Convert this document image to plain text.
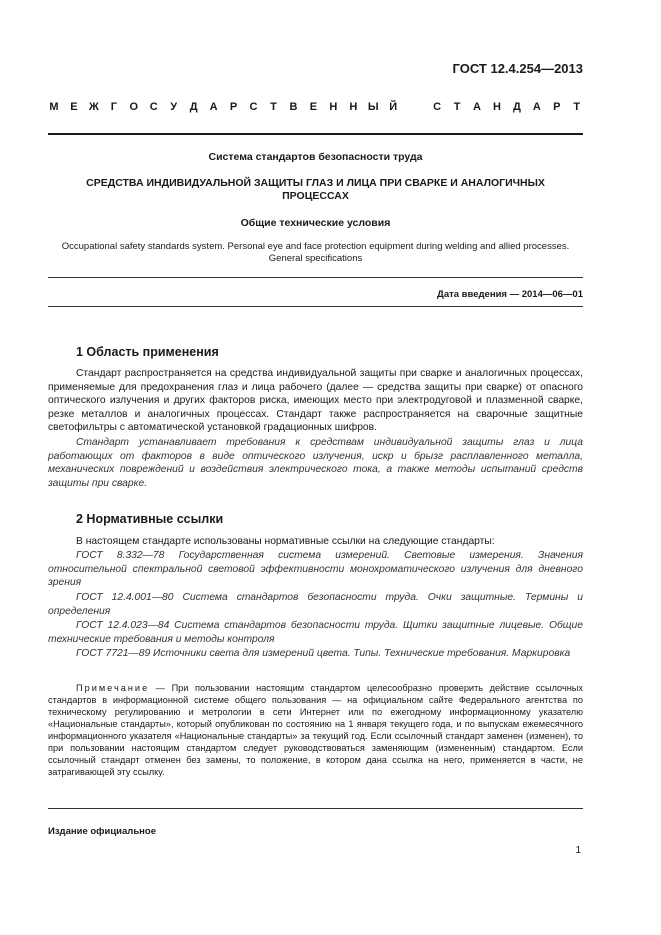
ГОСТ 12.4.254—2013
М Е Ж Г О С У Д А Р С Т В Е Н Н Ы Й	С Т А Н Д А Р Т
Система стандартов безопасности труда
СРЕДСТВА ИНДИВИДУАЛЬНОЙ ЗАЩИТЫ ГЛАЗ И ЛИЦА ПРИ СВАРКЕ И АНАЛОГИЧНЫХ ПРОЦЕССАХ
Общие технические условия
Occupational safety standards system. Personal eye and face protection equipment during welding and allied processes. General specifications
Дата введения — 2014—06—01
1 Область применения
Стандарт распространяется на средства индивидуальной защиты при сварке и аналогичных процессах, применяемые для предохранения глаз и лица рабочего (далее — средства защиты при сварке) от опасного оптического излучения и других факторов риска, имеющих место при электродуговой и плазменной сварке, резке металлов и аналогичных процессах. Стандарт также распространяется на сварочные защитные светофильтры с автоматической установкой градационных шифров.
Стандарт устанавливает требования к средствам индивидуальной защиты глаз и лица работающих от факторов в виде оптического излучения, искр и брызг расплавленного металла, механических повреждений и воздействия электрического тока, а также методы испытаний средств защиты при сварке.
2 Нормативные ссылки
В настоящем стандарте использованы нормативные ссылки на следующие стандарты:
ГОСТ 8.332—78 Государственная система измерений. Световые измерения. Значения относительной спектральной световой эффективности монохроматического излучения для дневного зрения
ГОСТ 12.4.001—80 Система стандартов безопасности труда. Очки защитные. Термины и определения
ГОСТ 12.4.023—84 Система стандартов безопасности труда. Щитки защитные лицевые. Общие технические требования и методы контроля
ГОСТ 7721—89 Источники света для измерений цвета. Типы. Технические требования. Маркировка
Примечание — При пользовании настоящим стандартом целесообразно проверить действие ссылочных стандартов в информационной системе общего пользования — на официальном сайте Федерального агентства по техническому регулированию и метрологии в сети Интернет или по ежегодному информационному указателю «Национальные стандарты», который опубликован по состоянию на 1 января текущего года, и по выпускам ежемесячного информационного указателя «Национальные стандарты» за текущий год. Если ссылочный стандарт заменен (изменен), то при пользовании настоящим стандартом следует руководствоваться заменяющим (измененным) стандартом. Если ссылочный стандарт отменен без замены, то положение, в котором дана ссылка на него, применяется в части, не затрагивающей эту ссылку.
Издание официальное
1
